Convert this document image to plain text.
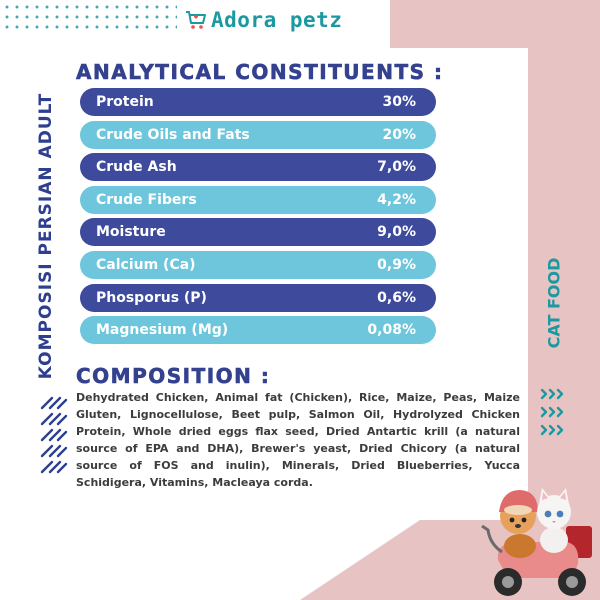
Adora petz
KOMPOSISI PERSIAN ADULT	CAT FOOD
ANALYTICAL CONSTITUENTS :
Protein	30%
Crude Oils and Fats	20%
Crude Ash	7,0%
Crude Fibers	4,2%
Moisture	9,0%
Calcium (Ca)	0,9%
Phosporus (P)	0,6%
Magnesium (Mg)	0,08%
COMPOSITION :

Dehydrated Chicken, Animal fat (Chicken), Rice, Maize, Peas, Maize Gluten, Lignocellulose, Beet pulp, Salmon Oil, Hydrolyzed Chicken Protein, Whole dried eggs flax seed, Dried Antartic krill (a natural source of EPA and DHA), Brewer's yeast, Dried Chicory (a natural source of FOS and inulin), Minerals, Dried Blueberries, Yucca Schidigera, Vitamins, Macleaya corda.
